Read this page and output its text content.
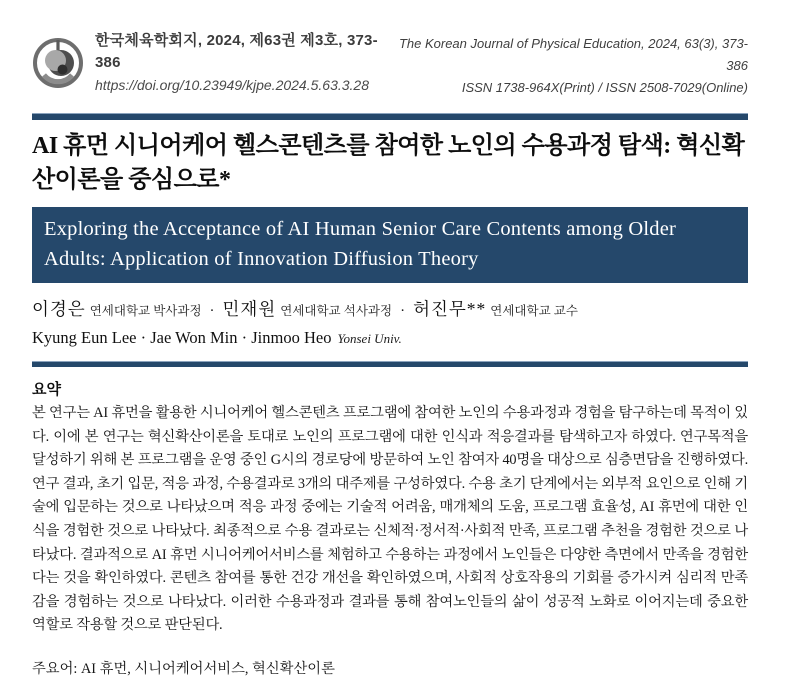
한국체육학회지, 2024, 제63권 제3호, 373-386
https://doi.org/10.23949/kjpe.2024.5.63.3.28
The Korean Journal of Physical Education, 2024, 63(3), 373-386
ISSN 1738-964X(Print) / ISSN 2508-7029(Online)
AI 휴먼 시니어케어 헬스콘텐츠를 참여한 노인의 수용과정 탐색: 혁신확산이론을 중심으로*
Exploring the Acceptance of AI Human Senior Care Contents among Older Adults: Application of Innovation Diffusion Theory
이경은 연세대학교 박사과정 · 민재원 연세대학교 석사과정 · 허진무** 연세대학교 교수
Kyung Eun Lee · Jae Won Min · Jinmoo Heo Yonsei Univ.
요약

본 연구는 AI 휴먼을 활용한 시니어케어 헬스콘텐츠 프로그램에 참여한 노인의 수용과정과 경험을 탐구하는데 목적이 있다. 이에 본 연구는 혁신확산이론을 토대로 노인의 프로그램에 대한 인식과 적응결과를 탐색하고자 하였다. 연구목적을 달성하기 위해 본 프로그램을 운영 중인 G시의 경로당에 방문하여 노인 참여자 40명을 대상으로 심층면담을 진행하였다. 연구 결과, 초기 입문, 적응 과정, 수용결과로 3개의 대주제를 구성하였다. 수용 초기 단계에서는 외부적 요인으로 인해 기술에 입문하는 것으로 나타났으며 적응 과정 중에는 기술적 어려움, 매개체의 도움, 프로그램 효율성, AI 휴먼에 대한 인식을 경험한 것으로 나타났다. 최종적으로 수용 결과로는 신체적·정서적·사회적 만족, 프로그램 추천을 경험한 것으로 나타났다. 결과적으로 AI 휴먼 시니어케어서비스를 체험하고 수용하는 과정에서 노인들은 다양한 측면에서 만족을 경험한다는 것을 확인하였다. 콘텐츠 참여를 통한 건강 개선을 확인하였으며, 사회적 상호작용의 기회를 증가시켜 심리적 만족감을 경험하는 것으로 나타났다. 이러한 수용과정과 결과를 통해 참여노인들의 삶이 성공적 노화로 이어지는데 중요한 역할로 작용할 것으로 판단된다.

주요어: AI 휴먼, 시니어케어서비스, 혁신확산이론
